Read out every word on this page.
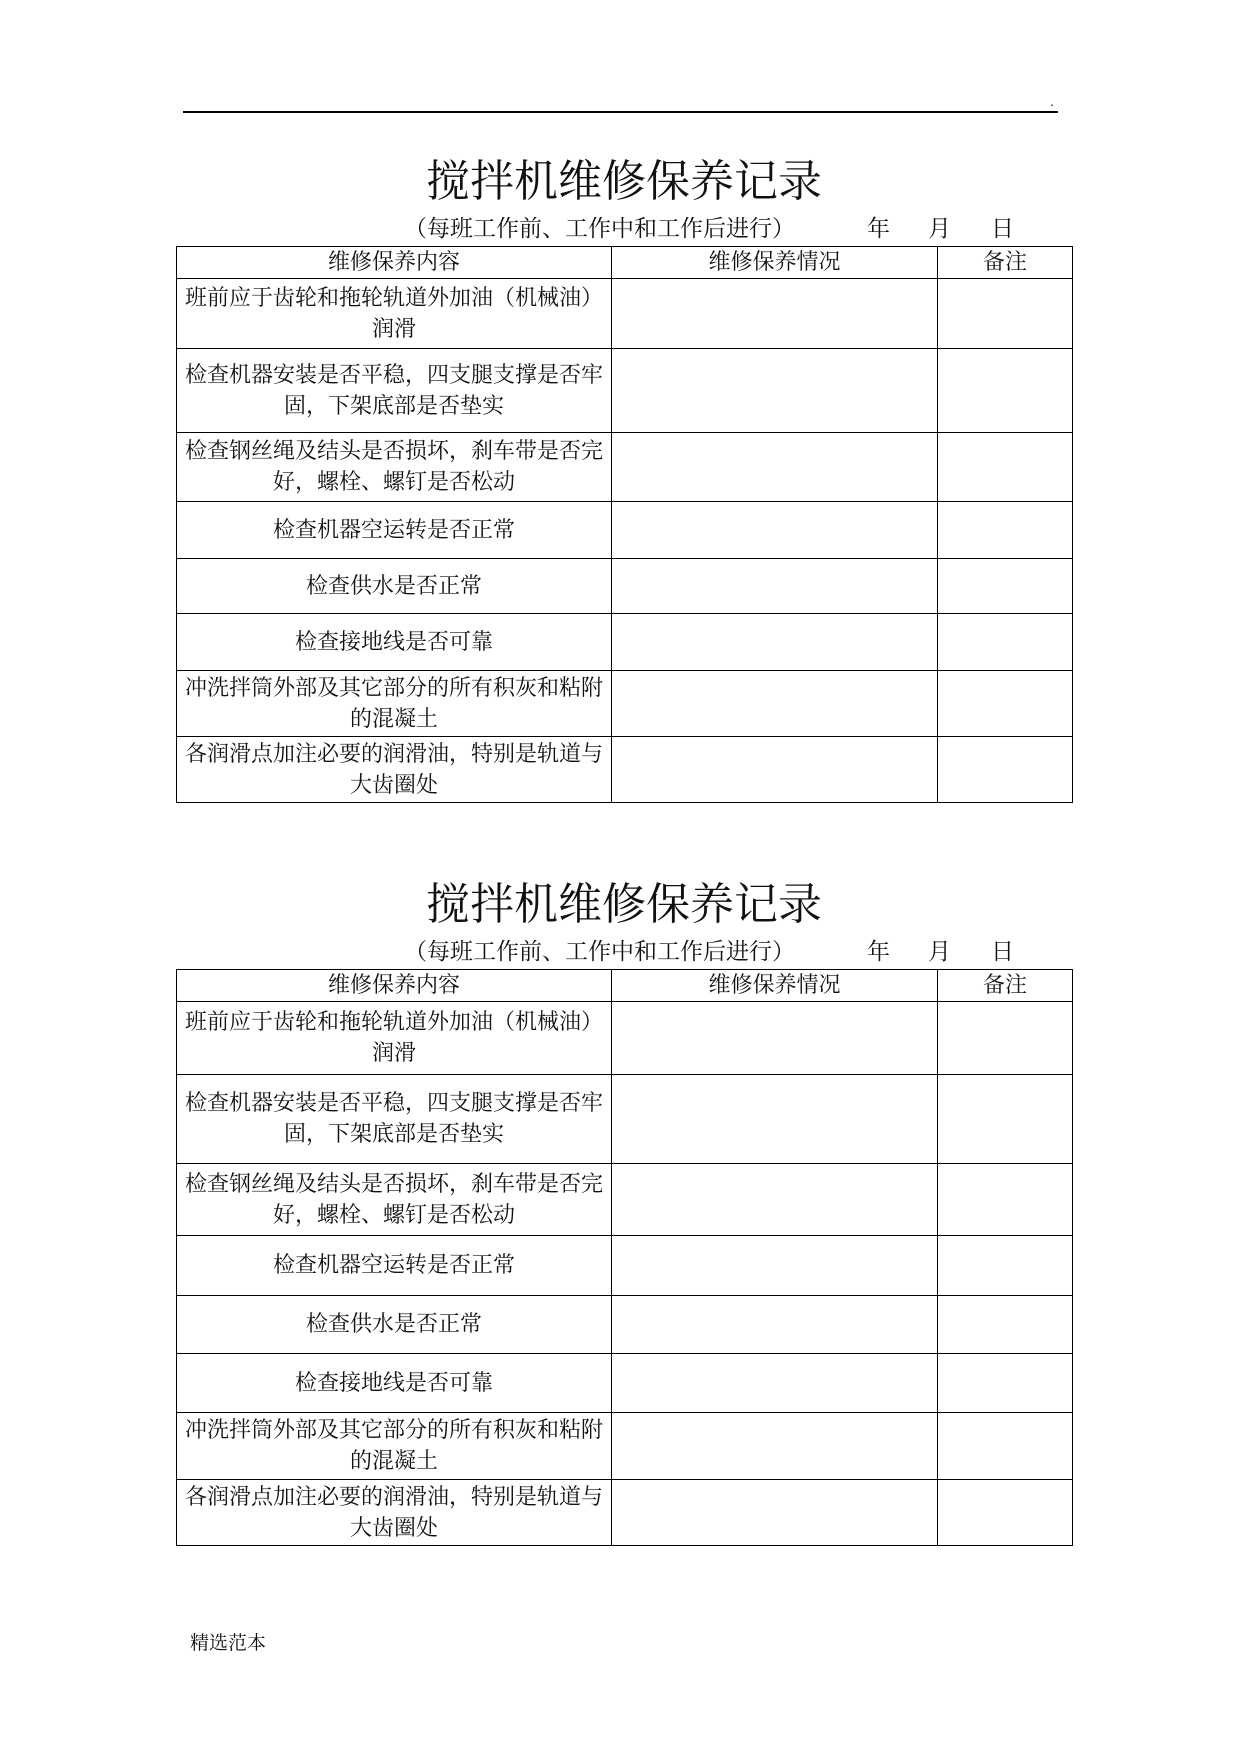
.
搅拌机维修保养记录
（每班工作前、工作中和工作后进行）	年 月 日
维修保养内容	维修保养情况	备注
班前应于齿轮和拖轮轨道外加油（机械油）润滑		
检查机器安装是否平稳，四支腿支撑是否牢固，下架底部是否垫实		
检查钢丝绳及结头是否损坏，刹车带是否完好，螺栓、螺钉是否松动		
检查机器空运转是否正常		
检查供水是否正常		
检查接地线是否可靠		
冲洗拌筒外部及其它部分的所有积灰和粘附的混凝土		
各润滑点加注必要的润滑油，特别是轨道与大齿圈处		
搅拌机维修保养记录
（每班工作前、工作中和工作后进行）	年 月 日
维修保养内容	维修保养情况	备注
班前应于齿轮和拖轮轨道外加油（机械油）润滑		
检查机器安装是否平稳，四支腿支撑是否牢固，下架底部是否垫实		
检查钢丝绳及结头是否损坏，刹车带是否完好，螺栓、螺钉是否松动		
检查机器空运转是否正常		
检查供水是否正常		
检查接地线是否可靠		
冲洗拌筒外部及其它部分的所有积灰和粘附的混凝土		
各润滑点加注必要的润滑油，特别是轨道与大齿圈处		
精选范本
